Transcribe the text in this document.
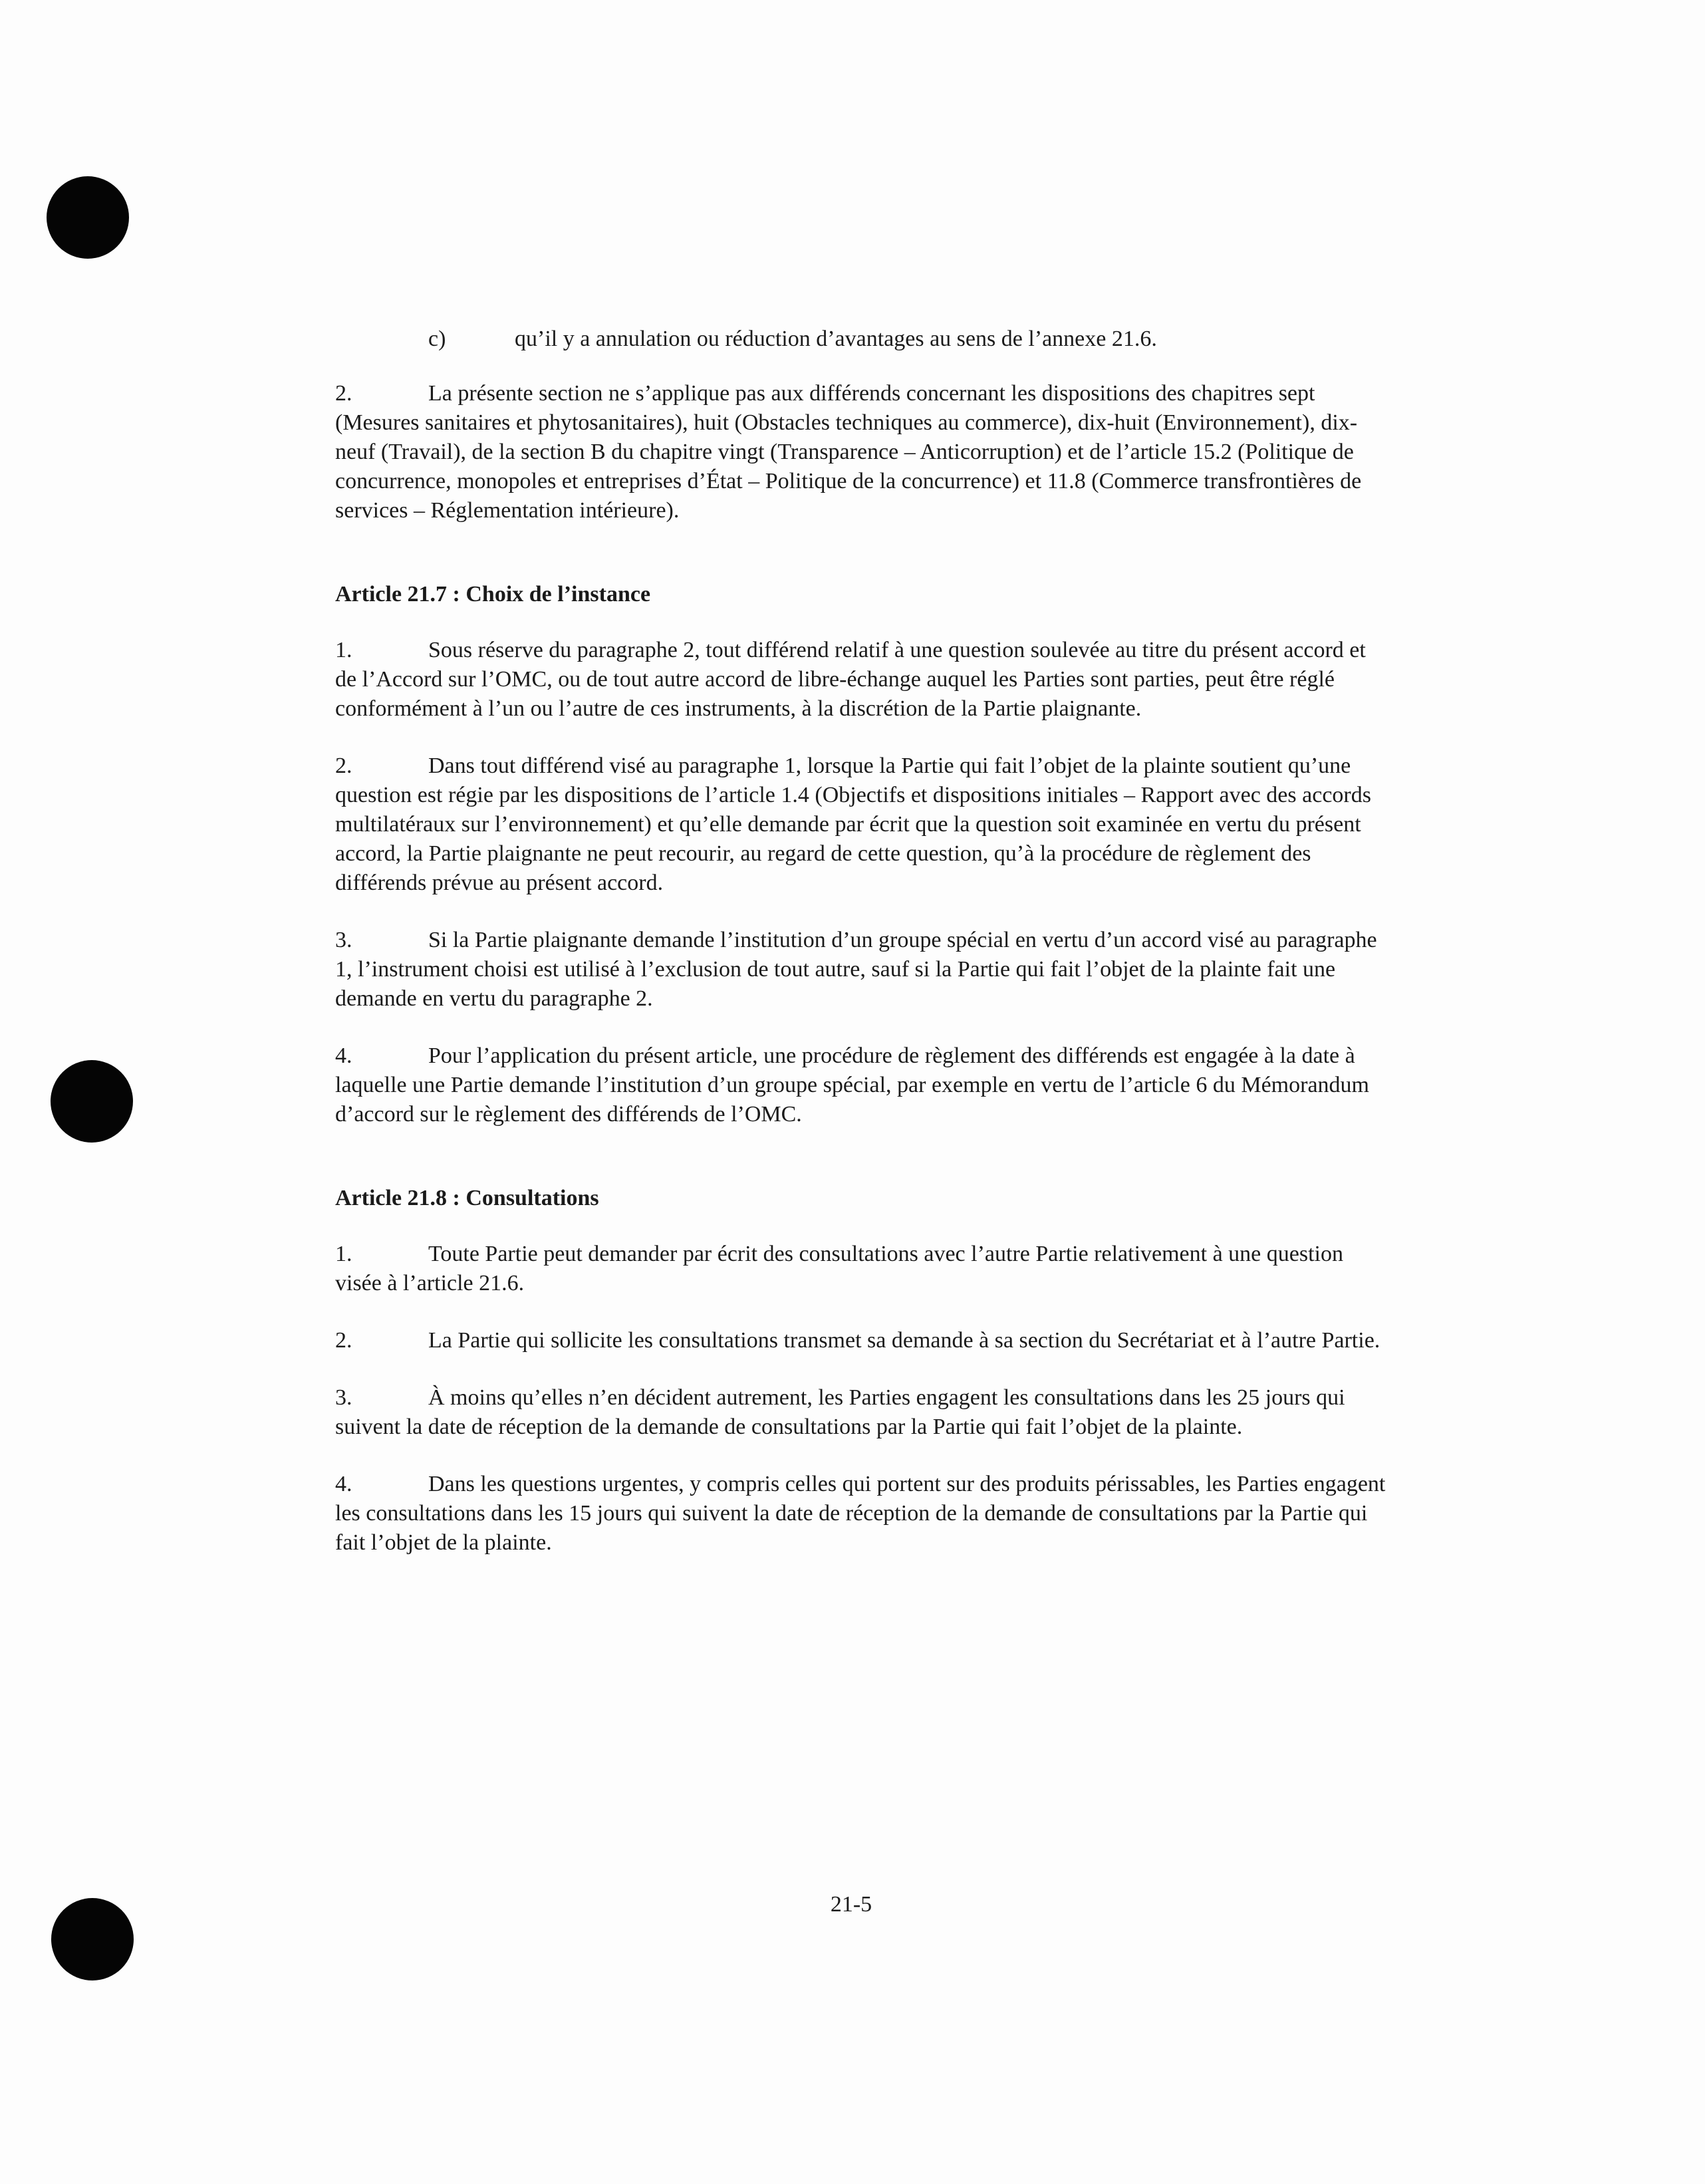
c)	qu’il y a annulation ou réduction d’avantages au sens de l’annexe 21.6.

2.	La présente section ne s’applique pas aux différends concernant les dispositions des chapitres sept (Mesures sanitaires et phytosanitaires), huit (Obstacles techniques au commerce), dix-huit (Environnement), dix-neuf (Travail), de la section B du chapitre vingt (Transparence – Anticorruption) et de l’article 15.2 (Politique de concurrence, monopoles et entreprises d’État – Politique de la concurrence) et 11.8 (Commerce transfrontières de services – Réglementation intérieure).

Article 21.7 : Choix de l’instance

1.	Sous réserve du paragraphe 2, tout différend relatif à une question soulevée au titre du présent accord et de l’Accord sur l’OMC, ou de tout autre accord de libre-échange auquel les Parties sont parties, peut être réglé conformément à l’un ou l’autre de ces instruments, à la discrétion de la Partie plaignante.

2.	Dans tout différend visé au paragraphe 1, lorsque la Partie qui fait l’objet de la plainte soutient qu’une question est régie par les dispositions de l’article 1.4 (Objectifs et dispositions initiales – Rapport avec des accords multilatéraux sur l’environnement) et qu’elle demande par écrit que la question soit examinée en vertu du présent accord, la Partie plaignante ne peut recourir, au regard de cette question, qu’à la procédure de règlement des différends prévue au présent accord.

3.	Si la Partie plaignante demande l’institution d’un groupe spécial en vertu d’un accord visé au paragraphe 1, l’instrument choisi est utilisé à l’exclusion de tout autre, sauf si la Partie qui fait l’objet de la plainte fait une demande en vertu du paragraphe 2.

4.	Pour l’application du présent article, une procédure de règlement des différends est engagée à la date à laquelle une Partie demande l’institution d’un groupe spécial, par exemple en vertu de l’article 6 du Mémorandum d’accord sur le règlement des différends de l’OMC.

Article 21.8 : Consultations

1.	Toute Partie peut demander par écrit des consultations avec l’autre Partie relativement à une question visée à l’article 21.6.

2.	La Partie qui sollicite les consultations transmet sa demande à sa section du Secrétariat et à l’autre Partie.

3.	À moins qu’elles n’en décident autrement, les Parties engagent les consultations dans les 25 jours qui suivent la date de réception de la demande de consultations par la Partie qui fait l’objet de la plainte.

4.	Dans les questions urgentes, y compris celles qui portent sur des produits périssables, les Parties engagent les consultations dans les 15 jours qui suivent la date de réception de la demande de consultations par la Partie qui fait l’objet de la plainte.

21-5
